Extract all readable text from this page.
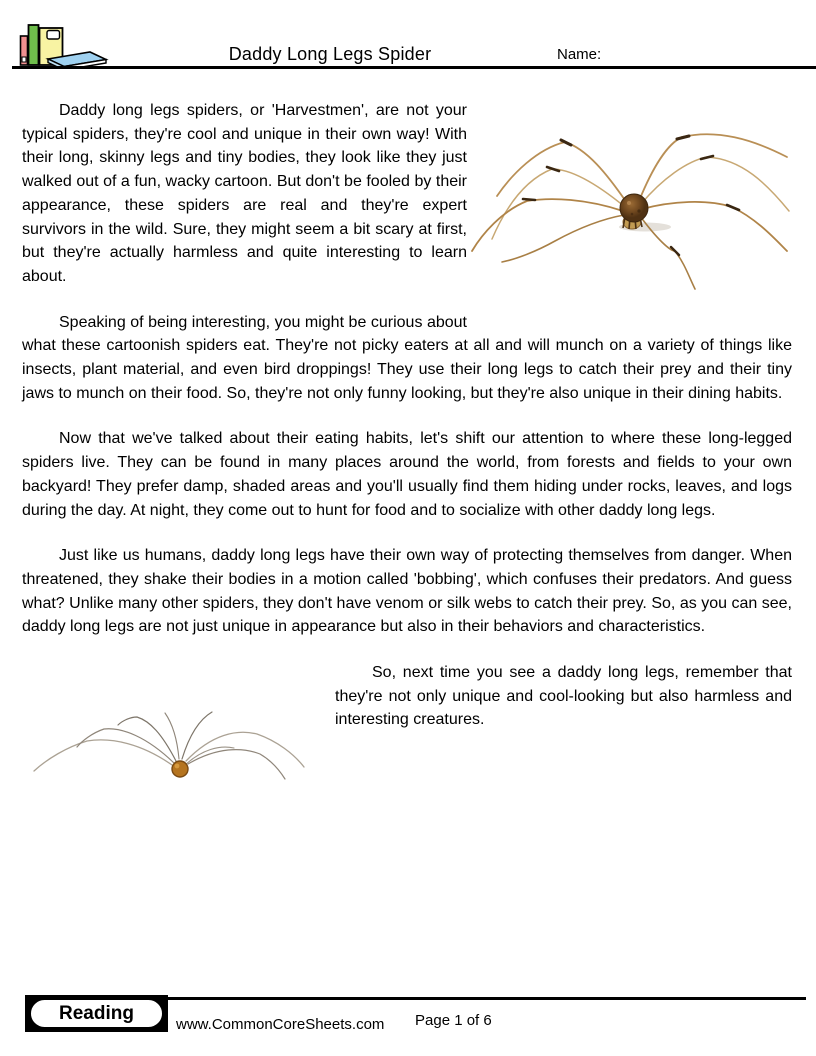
Daddy Long Legs Spider	Name:

Daddy long legs spiders, or 'Harvestmen', are not your typical spiders, they're cool and unique in their own way! With their long, skinny legs and tiny bodies, they look like they just walked out of a fun, wacky cartoon. But don't be fooled by their appearance, these spiders are real and they're expert survivors in the wild. Sure, they might seem a bit scary at first, but they're actually harmless and quite interesting to learn about.

Speaking of being interesting, you might be curious about what these cartoonish spiders eat. They're not picky eaters at all and will munch on a variety of things like insects, plant material, and even bird droppings! They use their long legs to catch their prey and their tiny jaws to munch on their food. So, they're not only funny looking, but they're also unique in their dining habits.

Now that we've talked about their eating habits, let's shift our attention to where these long-legged spiders live. They can be found in many places around the world, from forests and fields to your own backyard! They prefer damp, shaded areas and you'll usually find them hiding under rocks, leaves, and logs during the day. At night, they come out to hunt for food and to socialize with other daddy long legs.

Just like us humans, daddy long legs have their own way of protecting themselves from danger. When threatened, they shake their bodies in a motion called 'bobbing', which confuses their predators. And guess what? Unlike many other spiders, they don't have venom or silk webs to catch their prey. So, as you can see, daddy long legs are not just unique in appearance but also in their behaviors and characteristics.

So, next time you see a daddy long legs, remember that they're not only unique and cool-looking but also harmless and interesting creatures.

Reading
www.CommonCoreSheets.com Page 1 of 6
